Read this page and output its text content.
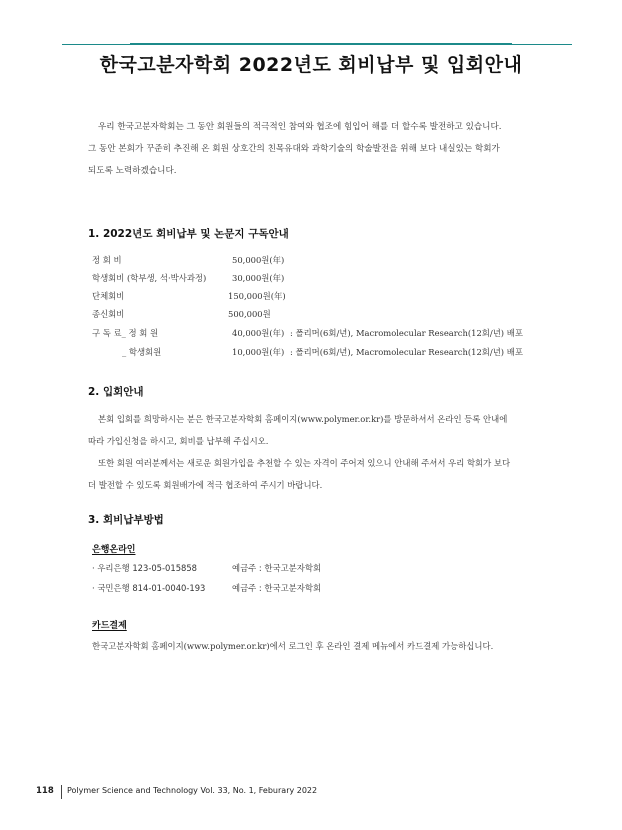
한국고분자학회 2022년도 회비납부 및 입회안내

우리 한국고분자학회는 그 동안 회원들의 적극적인 참여와 협조에 힘입어 해를 더 할수록 발전하고 있습니다.

그 동안 본회가 꾸준히 추진해 온 회원 상호간의 친목유대와 과학기술의 학술발전을 위해 보다 내실있는 학회가

되도록 노력하겠습니다.

1. 2022년도 회비납부 및 논문지 구독안내
정 회 비	50,000원(年)
학생회비 (학부생, 석·박사과정)	30,000원(年)
단체회비	150,000원(年)
종신회비	500,000원
구 독 료_ 정 회 원	40,000원(年) : 폴리머(6회/년), Macromolecular Research(12회/년) 배포
_ 학생회원	10,000원(年) : 폴리머(6회/년), Macromolecular Research(12회/년) 배포
2. 입회안내

본회 입회를 희망하시는 분은 한국고분자학회 홈페이지(www.polymer.or.kr)를 방문하셔서 온라인 등록 안내에

따라 가입신청을 하시고, 회비를 납부해 주십시오.

또한 회원 여러분께서는 새로운 회원가입을 추천할 수 있는 자격이 주어져 있으니 안내해 주셔서 우리 학회가 보다

더 발전할 수 있도록 회원배가에 적극 협조하여 주시기 바랍니다.

3. 회비납부방법
은행온라인
· 우리은행 123-05-015858	예금주 : 한국고분자학회
· 국민은행 814-01-0040-193	예금주 : 한국고분자학회
카드결제
한국고분자학회 홈페이지(www.polymer.or.kr)에서 로그인 후 온라인 결제 메뉴에서 카드결제 가능하십니다.
118 Polymer Science and Technology Vol. 33, No. 1, Feburary 2022
